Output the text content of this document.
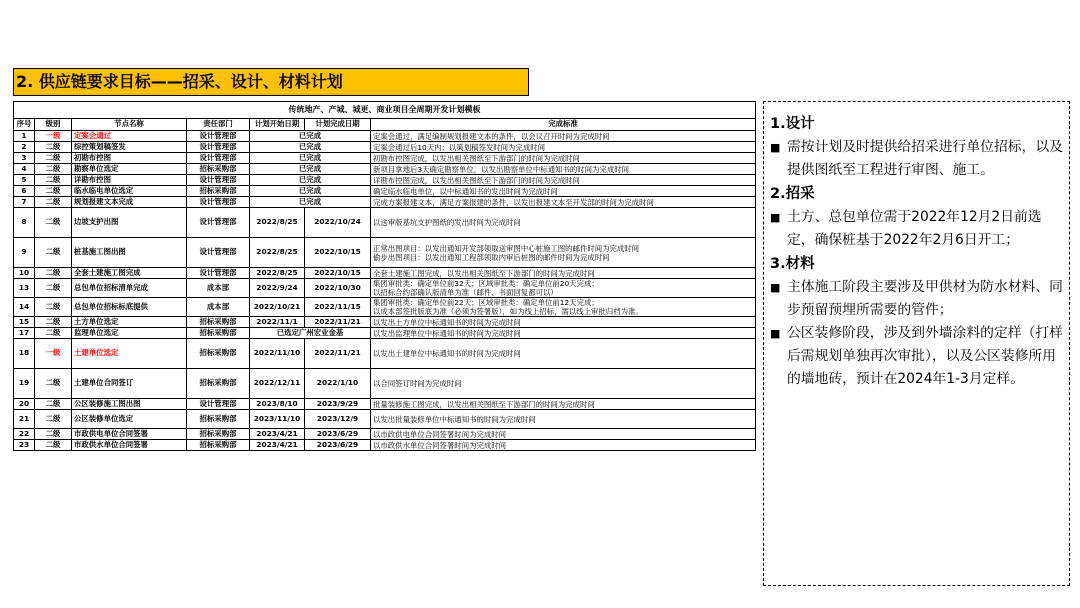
2. 供应链要求目标——招采、设计、材料计划
传统地产、产城、城更、商业项目全周期开发计划模板						
序号	级别	节点名称	责任部门	计划开始日期	计划完成日期	完成标准
1	一级	定案会通过	设计管理部	已完成		定案会通过，满足编制规划报建文本的条件，以会议召开时间为完成时间
2	二级	综控策划稿签发	设计管理部	已完成		定案会通过后10天内；以策划稿签发时间为完成时间
3	二级	初勘布控图	设计管理部	已完成		初勘布控图完成，以发出相关图纸至下游部门的时间为完成时间
4	二级	勘察单位选定	招标采购部	已完成		新项目拿地后3天确定勘察单位，以发出勘察单位中标通知书的时间为完成时间
5	二级	详勘布控图	设计管理部	已完成		详勘布控图完成，以发出相关图纸至下游部门的时间为完成时间
6	二级	临水临电单位选定	招标采购部	已完成		确定临水临电单位，以中标通知书的发出时间为完成时间
7	二级	规划报建文本完成	设计管理部	已完成		完成方案报建文本，满足方案报建的条件，以发出报建文本至开发部的时间为完成时间
8	二级	边坡支护出图	设计管理部	2022/8/25	2022/10/24	以送审版基坑支护图纸的发出时间为完成时间
9	二级	桩基施工图出图	设计管理部	2022/8/25	2022/10/15	正常出图项目：以发出通知开发部领取送审图中心桩施工图的邮件时间为完成时间
偷步出图项目：以发出通知工程部领取内审后桩图的邮件时间为完成时间
10	二级	全套土建施工图完成	设计管理部	2022/8/25	2022/10/15	全套土建施工图完成，以发出相关图纸至下游部门的时间为完成时间
13	二级	总包单位招标清单完成	成本部	2022/9/24	2022/10/30	集团审批类：确定单位前32天；区域审批类：确定单位前20天完成；
以招标合约部确认版清单为准（邮件、书面回复都可以）
14	二级	总包单位招标标底提供	成本部	2022/10/21	2022/11/15	集团审批类：确定单位前22天；区域审批类：确定单位前12天完成；
以成本部签批版底为准（必须为签署版），如为线上招标，需以线上审批归档为准。
15	二级	土方单位选定	招标采购部	2022/11/1	2022/11/21	以发出土方单位中标通知书的时间为完成时间
17	二级	监理单位选定	招标采购部	已选定广州宏业金基		以发出监理单位中标通知书的时间为完成时间
18	一级	土建单位选定	招标采购部	2022/11/10	2022/11/21	以发出土建单位中标通知书的时间为完成时间
19	二级	土建单位合同签订	招标采购部	2022/12/11	2022/1/10	以合同签订时间为完成时间
20	二级	公区装修施工图出图	设计管理部	2023/8/10	2023/9/29	批量装修施工图完成，以发出相关图纸至下游部门的时间为完成时间
21	二级	公区装修单位选定	招标采购部	2023/11/10	2023/12/9	以发出批量装修单位中标通知书的时间为完成时间
22	二级	市政供电单位合同签署	招标采购部	2023/4/21	2023/6/29	以市政供电单位合同签署时间为完成时间
23	二级	市政供水单位合同签署	招标采购部	2023/4/21	2023/6/29	以市政供水单位合同签署时间为完成时间
1.设计
■ 需按计划及时提供给招采进行单位招标，以及提供图纸至工程进行审图、施工。
2.招采
■ 土方、总包单位需于2022年12月2日前选定，确保桩基于2022年2月6日开工；
3.材料
■ 主体施工阶段主要涉及甲供材为防水材料、同步预留预埋所需要的管件；
■ 公区装修阶段，涉及到外墙涂料的定样（打样后需规划单独再次审批），以及公区装修所用的墙地砖，预计在2024年1-3月定样。
